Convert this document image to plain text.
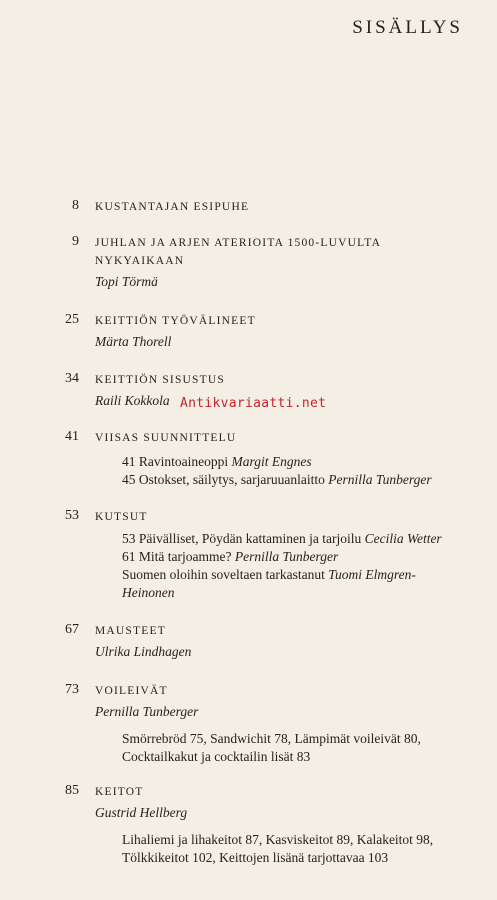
SISÄLLYS
8 KUSTANTAJAN ESIPUHE
9 JUHLAN JA ARJEN ATERIOITA 1500-LUVULTA
NYKYAIKAAN
Topi Törmä
25 KEITTIÖN TYÖVÄLINEET
Märta Thorell
34 KEITTIÖN SISUSTUS
Raili Kokkola
41 VIISAS SUUNNITTELU
41 Ravintoaineoppi Margit Engnes
45 Ostokset, säilytys, sarjaruuanlaitto Pernilla Tunberger
53 KUTSUT
53 Päivälliset, Pöydän kattaminen ja tarjoilu Cecilia Wetter
61 Mitä tarjoamme? Pernilla Tunberger
Suomen oloihin soveltaen tarkastanut Tuomi Elmgren-
Heinonen
67 MAUSTEET
Ulrika Lindhagen
73 VOILEIVÄT
Pernilla Tunberger
Smörrebröd 75, Sandwichit 78, Lämpimät voileivät 80,
Cocktailkakut ja cocktailin lisät 83
85 KEITOT
Gustrid Hellberg
Lihaliemi ja lihakeitot 87, Kasviskeitot 89, Kalakeitot 98,
Tölkkikeitot 102, Keittojen lisänä tarjottavaa 103
Antikvariaatti.net
